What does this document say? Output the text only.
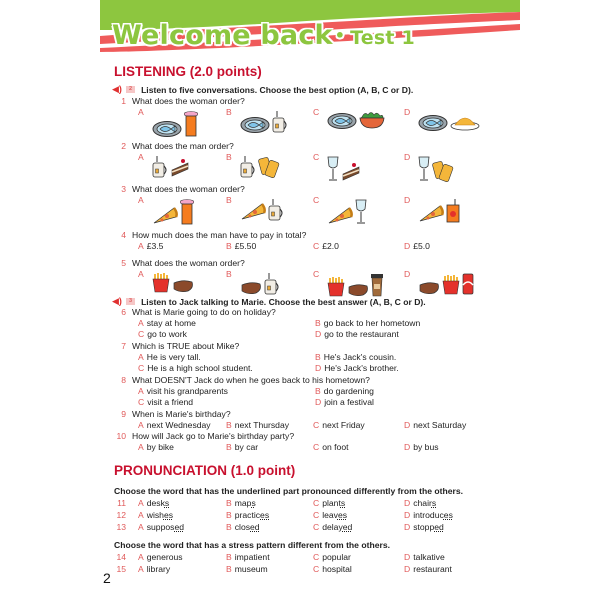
Welcome back • Test 1
LISTENING (2.0 points)
◀)	2	Listen to five conversations. Choose the best option (A, B, C or D).
1 What does the woman order?
A	B	C	D
2 What does the man order?
A	B	C	D
3 What does the woman order?
A	B	C	D
4 How much does the man have to pay in total?
A £3.5	B £5.50	C £2.0	D £5.0
5 What does the woman order?
A	B	C	D
◀)	3	Listen to Jack talking to Marie. Choose the best answer (A, B, C or D).
6 What is Marie going to do on holiday?
A stay at home	B go back to her hometown
C go to work	D go to the restaurant
7 Which is TRUE about Mike?
A He is very tall.	B He's Jack's cousin.
C He is a high school student.	D He's Jack's brother.
8 What DOESN'T Jack do when he goes back to his hometown?
A visit his grandparents	B do gardening
C visit a friend	D join a festival
9 When is Marie's birthday?
A next Wednesday B next Thursday	C next Friday	D next Saturday
10 How will Jack go to Marie's birthday party?
A by bike	B by car	C on foot	D by bus
PRONUNCIATION (1.0 point)
Choose the word that has the underlined part pronounced differently from the others.
11	A desks	B maps	C plants	D chairs
12	A wishes	B practices	C leaves	D introduces
13	A supposed	B closed	C delayed	D stopped
Choose the word that has a stress pattern different from the others.
14	A generous	B impatient	C popular	D talkative
15	A library	B museum	C hospital	D restaurant
2
